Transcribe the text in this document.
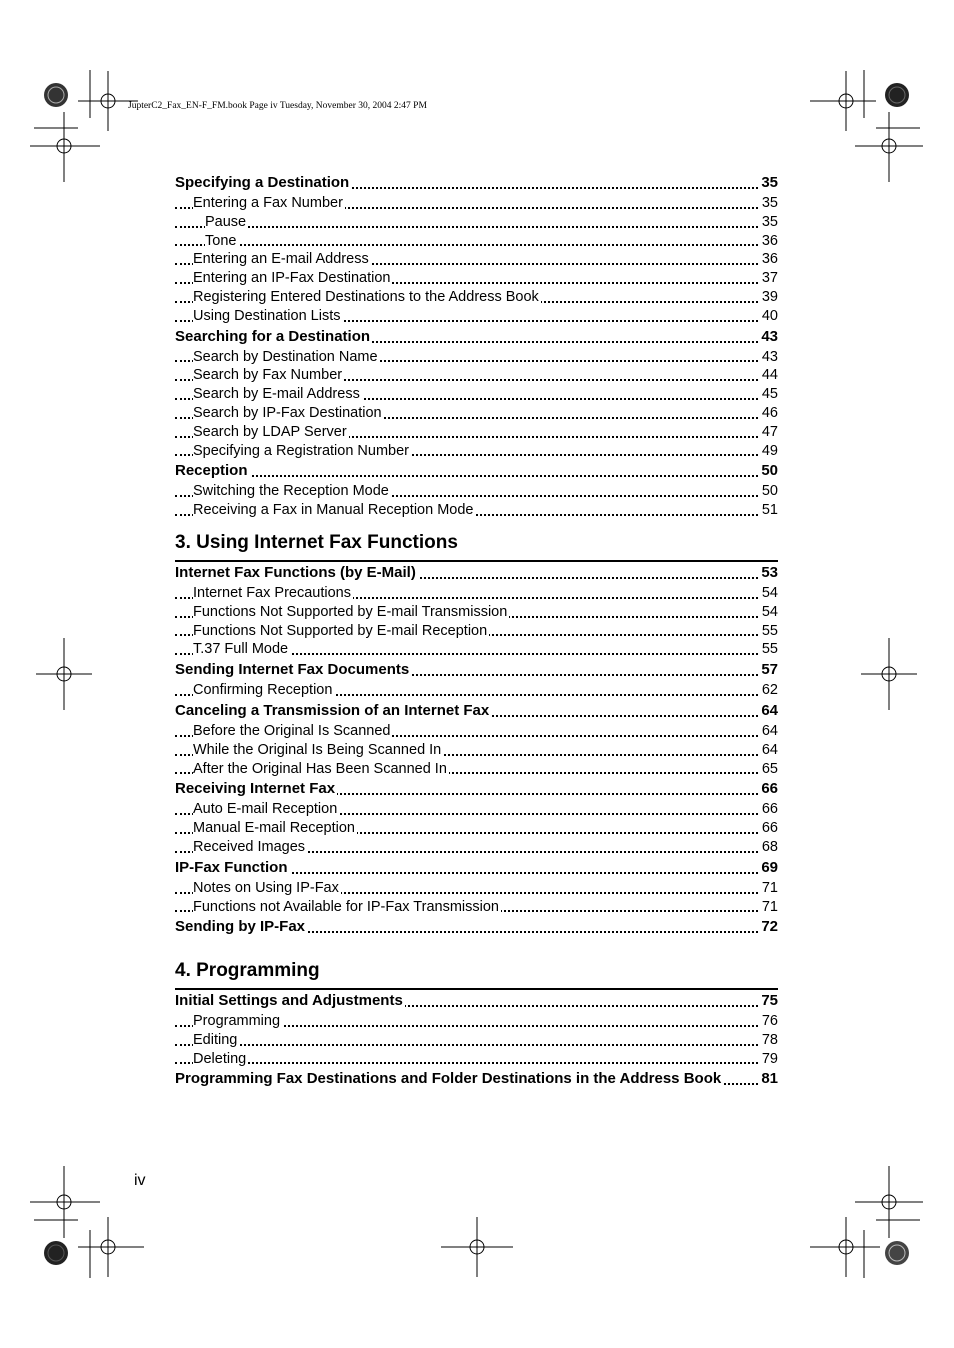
JupterC2_Fax_EN-F_FM.book Page iv Tuesday, November 30, 2004 2:47 PM
Specifying a Destination	35
Entering a Fax Number	35
Pause	35
Tone	36
Entering an E-mail Address	36
Entering an IP-Fax Destination	37
Registering Entered Destinations to the Address Book	39
Using Destination Lists	40
Searching for a Destination	43
Search by Destination Name	43
Search by Fax Number	44
Search by E-mail Address	45
Search by IP-Fax Destination	46
Search by LDAP Server	47
Specifying a Registration Number	49
Reception	50
Switching the Reception Mode	50
Receiving a Fax in Manual Reception Mode	51
3. Using Internet Fax Functions
Internet Fax Functions (by E-Mail)	53
Internet Fax Precautions	54
Functions Not Supported by E-mail Transmission	54
Functions Not Supported by E-mail Reception	55
T.37 Full Mode	55
Sending Internet Fax Documents	57
Confirming Reception	62
Canceling a Transmission of an Internet Fax	64
Before the Original Is Scanned	64
While the Original Is Being Scanned In	64
After the Original Has Been Scanned In	65
Receiving Internet Fax	66
Auto E-mail Reception	66
Manual E-mail Reception	66
Received Images	68
IP-Fax Function	69
Notes on Using IP-Fax	71
Functions not Available for IP-Fax Transmission	71
Sending by IP-Fax	72
4. Programming
Initial Settings and Adjustments	75
Programming	76
Editing	78
Deleting	79
Programming Fax Destinations and Folder Destinations in the Address Book	81
iv
